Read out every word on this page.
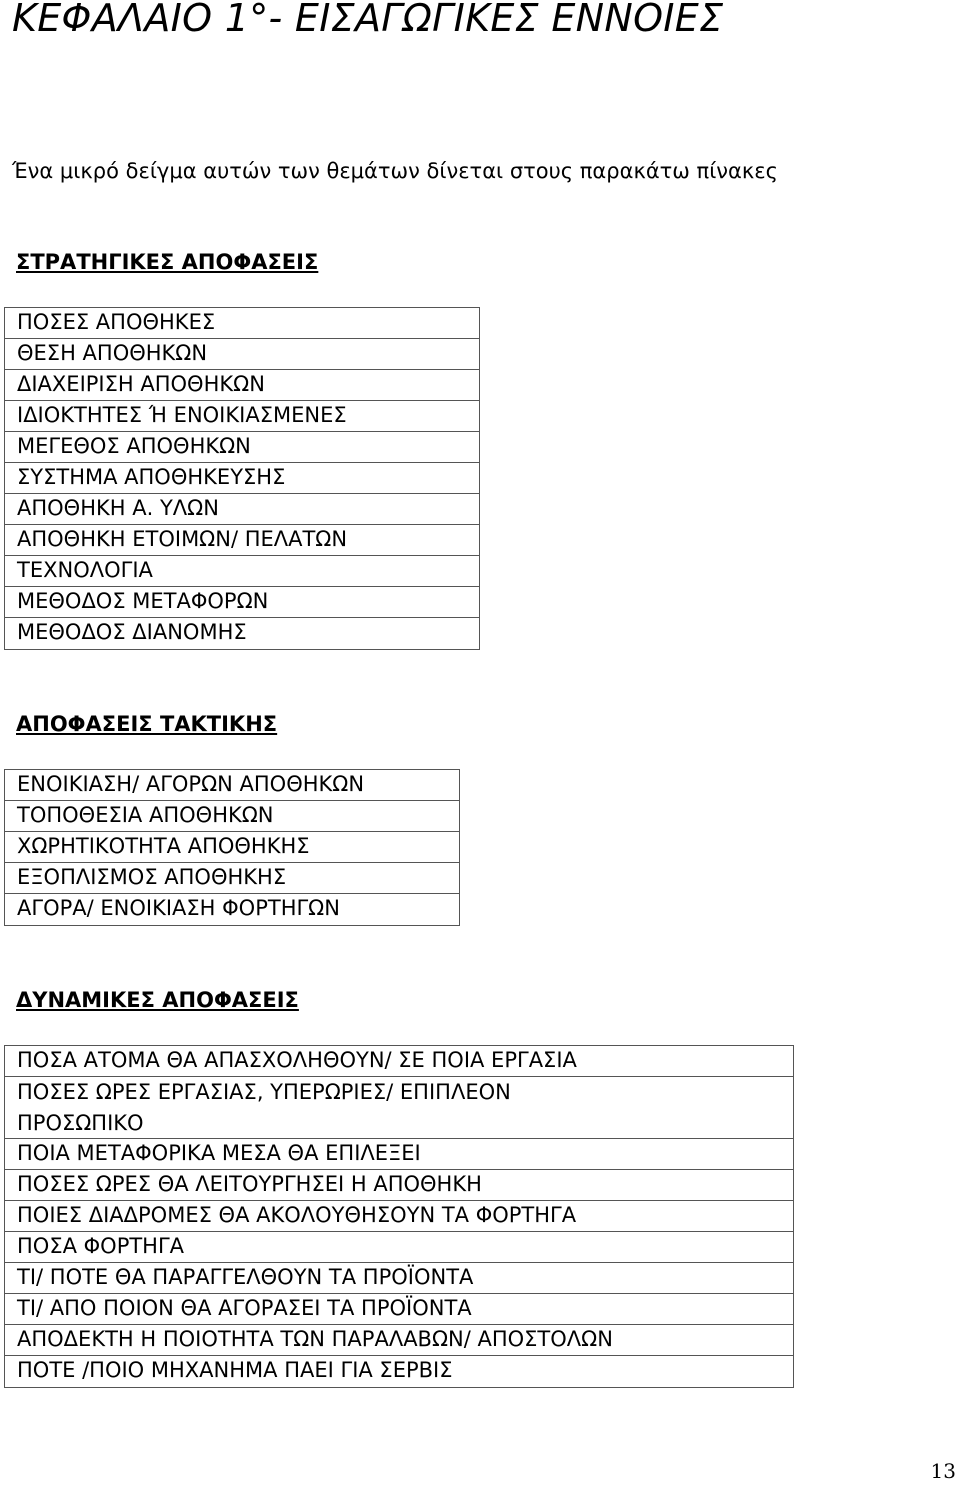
ΚΕΦΑΛΑΙΟ 1°- ΕΙΣΑΓΩΓΙΚΕΣ ΕΝΝΟΙΕΣ

Ένα μικρό δείγμα αυτών των θεμάτων δίνεται στους παρακάτω πίνακες

ΣΤΡΑΤΗΓΙΚΕΣ ΑΠΟΦΑΣΕΙΣ
ΠΟΣΕΣ ΑΠΟΘΗΚΕΣ
ΘΕΣΗ ΑΠΟΘΗΚΩΝ
ΔΙΑΧΕΙΡΙΣΗ ΑΠΟΘΗΚΩΝ
ΙΔΙΟΚΤΗΤΕΣ Ή ΕΝΟΙΚΙΑΣΜΕΝΕΣ
ΜΕΓΕΘΟΣ ΑΠΟΘΗΚΩΝ
ΣΥΣΤΗΜΑ ΑΠΟΘΗΚΕΥΣΗΣ
ΑΠΟΘΗΚΗ Α. ΥΛΩΝ
ΑΠΟΘΗΚΗ ΕΤΟΙΜΩΝ/ ΠΕΛΑΤΩΝ
ΤΕΧΝΟΛΟΓΙΑ
ΜΕΘΟΔΟΣ ΜΕΤΑΦΟΡΩΝ
ΜΕΘΟΔΟΣ ΔΙΑΝΟΜΗΣ
ΑΠΟΦΑΣΕΙΣ ΤΑΚΤΙΚΗΣ
ΕΝΟΙΚΙΑΣΗ/ ΑΓΟΡΩΝ ΑΠΟΘΗΚΩΝ
ΤΟΠΟΘΕΣΙΑ ΑΠΟΘΗΚΩΝ
ΧΩΡΗΤΙΚΟΤΗΤΑ ΑΠΟΘΗΚΗΣ
ΕΞΟΠΛΙΣΜΟΣ ΑΠΟΘΗΚΗΣ
ΑΓΟΡΑ/ ΕΝΟΙΚΙΑΣΗ ΦΟΡΤΗΓΩΝ
ΔΥΝΑΜΙΚΕΣ ΑΠΟΦΑΣΕΙΣ
ΠΟΣΑ ΑΤΟΜΑ ΘΑ ΑΠΑΣΧΟΛΗΘΟΥΝ/ ΣΕ ΠΟΙΑ ΕΡΓΑΣΙΑ
ΠΟΣΕΣ ΩΡΕΣ ΕΡΓΑΣΙΑΣ, ΥΠΕΡΩΡΙΕΣ/ ΕΠΙΠΛΕΟΝ ΠΡΟΣΩΠΙΚΟ
ΠΟΙΑ ΜΕΤΑΦΟΡΙΚΑ ΜΕΣΑ ΘΑ ΕΠΙΛΕΞΕΙ
ΠΟΣΕΣ ΩΡΕΣ ΘΑ ΛΕΙΤΟΥΡΓΗΣΕΙ Η ΑΠΟΘΗΚΗ
ΠΟΙΕΣ ΔΙΑΔΡΟΜΕΣ ΘΑ ΑΚΟΛΟΥΘΗΣΟΥΝ ΤΑ ΦΟΡΤΗΓΑ
ΠΟΣΑ ΦΟΡΤΗΓΑ
ΤΙ/ ΠΟΤΕ ΘΑ ΠΑΡΑΓΓΕΛΘΟΥΝ ΤΑ ΠΡΟΪΟΝΤΑ
ΤΙ/ ΑΠΟ ΠΟΙΟΝ ΘΑ ΑΓΟΡΑΣΕΙ ΤΑ ΠΡΟΪΟΝΤΑ
ΑΠΟΔΕΚΤΗ Η ΠΟΙΟΤΗΤΑ ΤΩΝ ΠΑΡΑΛΑΒΩΝ/ ΑΠΟΣΤΟΛΩΝ
ΠΟΤΕ /ΠΟΙΟ ΜΗΧΑΝΗΜΑ ΠΑΕΙ ΓΙΑ ΣΕΡΒΙΣ
13
